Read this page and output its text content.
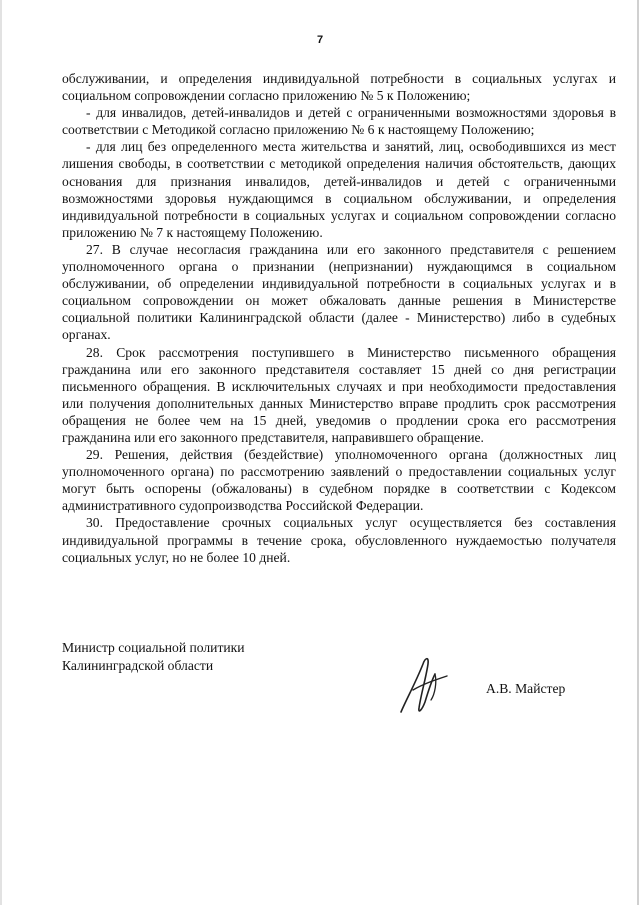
7

обслуживании, и определения индивидуальной потребности в социальных услугах и социальном сопровождении согласно приложению № 5 к Положению;

- для инвалидов, детей-инвалидов и детей с ограниченными возможностями здоровья в соответствии с Методикой согласно приложению № 6 к настоящему Положению;

- для лиц без определенного места жительства и занятий, лиц, освободившихся из мест лишения свободы, в соответствии с методикой определения наличия обстоятельств, дающих основания для признания инвалидов, детей-инвалидов и детей с ограниченными возможностями здоровья нуждающимся в социальном обслуживании, и определения индивидуальной потребности в социальных услугах и социальном сопровождении согласно приложению № 7 к настоящему Положению.

27. В случае несогласия гражданина или его законного представителя с решением уполномоченного органа о признании (непризнании) нуждающимся в социальном обслуживании, об определении индивидуальной потребности в социальных услугах и в социальном сопровождении он может обжаловать данные решения в Министерстве социальной политики Калининградской области (далее - Министерство) либо в судебных органах.

28. Срок рассмотрения поступившего в Министерство письменного обращения гражданина или его законного представителя составляет 15 дней со дня регистрации письменного обращения. В исключительных случаях и при необходимости предоставления или получения дополнительных данных Министерство вправе продлить срок рассмотрения обращения не более чем на 15 дней, уведомив о продлении срока его рассмотрения гражданина или его законного представителя, направившего обращение.

29. Решения, действия (бездействие) уполномоченного органа (должностных лиц уполномоченного органа) по рассмотрению заявлений о предоставлении социальных услуг могут быть оспорены (обжалованы) в судебном порядке в соответствии с Кодексом административного судопроизводства Российской Федерации.

30. Предоставление срочных социальных услуг осуществляется без составления индивидуальной программы в течение срока, обусловленного нуждаемостью получателя социальных услуг, но не более 10 дней.

Министр социальной политики
Калининградской области
А.В. Майстер
